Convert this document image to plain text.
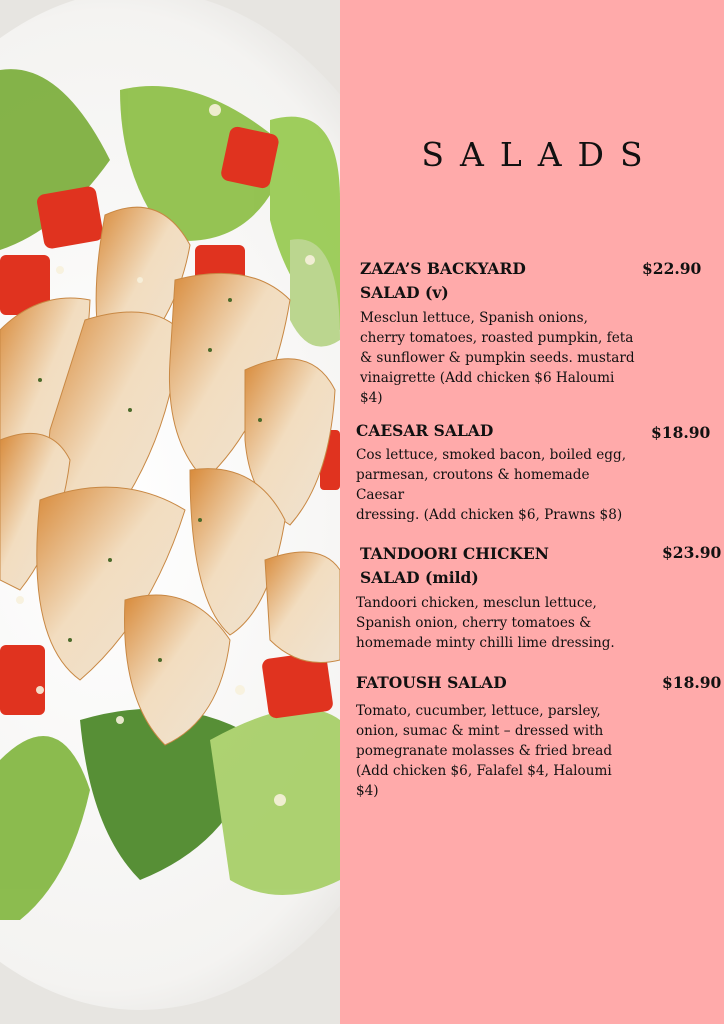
SALADS
ZAZA’S BACKYARD
SALAD (v)
$22.90
Mesclun lettuce, Spanish onions,
cherry tomatoes, roasted pumpkin, feta
& sunflower & pumpkin seeds. mustard
vinaigrette (Add chicken $6 Haloumi
$4)
CAESAR SALAD	$18.90
Cos lettuce, smoked bacon, boiled egg,
parmesan, croutons & homemade
Caesar
dressing. (Add chicken $6, Prawns $8)
TANDOORI CHICKEN
SALAD (mild)
$23.90
Tandoori chicken, mesclun lettuce,
Spanish onion, cherry tomatoes &
homemade minty chilli lime dressing.
FATOUSH SALAD	$18.90
Tomato, cucumber, lettuce, parsley,
onion, sumac & mint – dressed with
pomegranate molasses & fried bread
(Add chicken $6, Falafel $4, Haloumi
$4)
